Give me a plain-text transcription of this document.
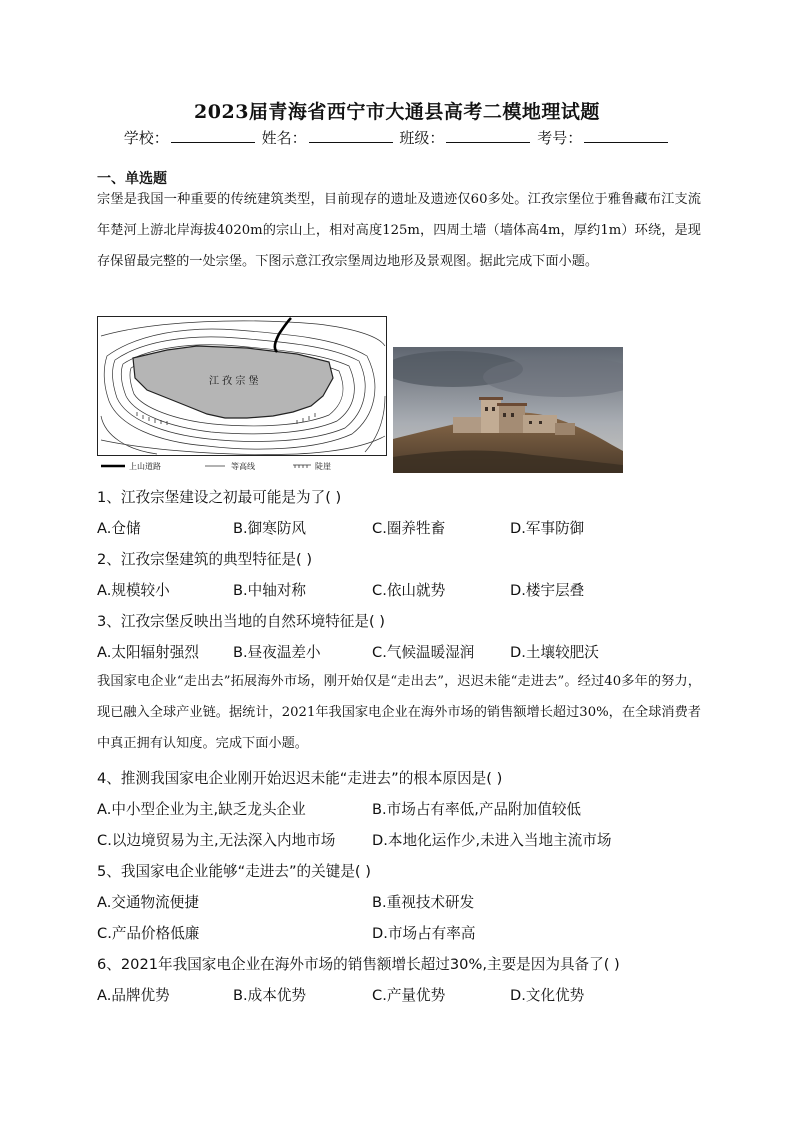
2023届青海省西宁市大通县高考二模地理试题
学校：	姓名：	班级：	考号：
一、单选题
宗堡是我国一种重要的传统建筑类型，目前现存的遗址及遗迹仅60多处。江孜宗堡位于雅鲁藏布江支流年楚河上游北岸海拔4020m的宗山上，相对高度125m，四周土墙（墙体高4m，厚约1m）环绕，是现存保留最完整的一处宗堡。下图示意江孜宗堡周边地形及景观图。据此完成下面小题。
江 孜 宗 堡
上山道路	等高线	陡崖
1、江孜宗堡建设之初最可能是为了( )
A.仓储	B.御寒防风	C.圈养牲畜	D.军事防御
2、江孜宗堡建筑的典型特征是( )
A.规模较小	B.中轴对称	C.依山就势	D.楼宇层叠
3、江孜宗堡反映出当地的自然环境特征是( )
A.太阳辐射强烈 B.昼夜温差小	C.气候温暖湿润 D.土壤较肥沃
我国家电企业“走出去”拓展海外市场，刚开始仅是“走出去”，迟迟未能“走进去”。经过40多年的努力，现已融入全球产业链。据统计，2021年我国家电企业在海外市场的销售额增长超过30%，在全球消费者中真正拥有认知度。完成下面小题。
4、推测我国家电企业刚开始迟迟未能“走进去”的根本原因是( )
A.中小型企业为主,缺乏龙头企业	B.市场占有率低,产品附加值较低
C.以边境贸易为主,无法深入内地市场	D.本地化运作少,未进入当地主流市场
5、我国家电企业能够“走进去”的关键是( )
A.交通物流便捷	B.重视技术研发
C.产品价格低廉	D.市场占有率高
6、2021年我国家电企业在海外市场的销售额增长超过30%,主要是因为具备了( )
A.品牌优势	B.成本优势	C.产量优势	D.文化优势
